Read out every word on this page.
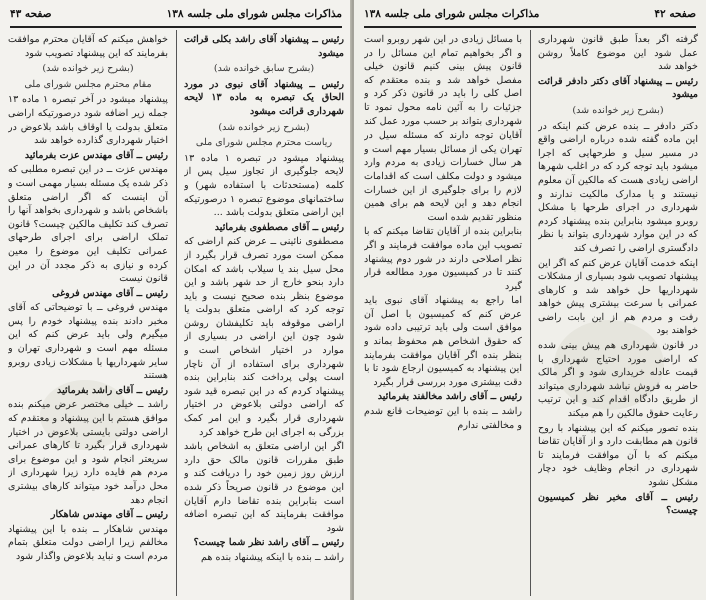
مذاکرات مجلس شورای ملی جلسه ۱۳۸
صفحه ۴۳

رئیس ــ پیشنهاد آقای راشد بکلی قرائت میشود

(بشرح سابق خوانده شد)

رئیس ــ پیشنهاد آقای نبوی در مورد الحاق یک تبصره به ماده ۱۳ لایحه شهرداری قرائت میشود

(بشرح زیر خوانده شد)

ریاست محترم مجلس شورای ملی

پیشنهاد میشود در تبصره ۱ ماده ۱۳ لایحه جلوگیری از تجاوز سیل پس از کلمه (مستحدثات با استفاده شهر) و ساختمانهای موضوع تبصره ۱ درصورتیکه این اراضی متعلق بدولت باشد ...

رئیس ــ آقای مصطفوی بفرمائید

مصطفوی نائینی ــ عرض کنم اراضی که ممکن است مورد تصرف قرار بگیرد از محل سیل بند یا سیلاب باشد که امکان دارد بنحو خارج از حد شهر باشد و این موضوع بنظر بنده صحیح نیست و باید توجه کرد که اراضی متعلق بدولت یا اراضی موقوفه باید تکلیفشان روشن شود چون این اراضی در بسیاری از موارد در اختیار اشخاص است و شهرداری برای استفاده از آن ناچار است پولی پرداخت کند بنابراین بنده پیشنهاد کردم که در این تبصره قید شود که اراضی دولتی بلاعوض در اختیار شهرداری قرار بگیرد و این امر کمک بزرگی به اجرای این طرح خواهد کرد

اگر این اراضی متعلق به اشخاص باشد طبق مقررات قانون مالک حق دارد ارزش روز زمین خود را دریافت کند و این موضوع در قانون صریحاً ذکر شده است بنابراین بنده تقاضا دارم آقایان موافقت بفرمایند که این تبصره اضافه شود

رئیس ــ آقای راشد نظر شما چیست؟

راشد ــ بنده با اینکه پیشنهاد بنده هم

خواهش میکنم که آقایان محترم موافقت بفرمایند که این پیشنهاد تصویب شود

(بشرح زیر خوانده شد)

مقام محترم مجلس شورای ملی

پیشنهاد میشود در آخر تبصره ۱ ماده ۱۳ جمله زیر اضافه شود درصورتیکه اراضی متعلق بدولت یا اوقاف باشد بلاعوض در اختیار شهرداری گذارده خواهد شد

رئیس ــ آقای مهندس عزت بفرمائید

مهندس عزت ــ در این تبصره مطلبی که ذکر شده یک مسئله بسیار مهمی است و آن اینست که اگر اراضی متعلق باشخاص باشد و شهرداری بخواهد آنها را تصرف کند تکلیف مالکین چیست؟ قانون تملک اراضی برای اجرای طرحهای عمرانی تکلیف این موضوع را معین کرده و نیازی به ذکر مجدد آن در این قانون نیست

رئیس ــ آقای مهندس فروغی

مهندس فروغی ــ با توضیحاتی که آقای مخبر دادند بنده پیشنهاد خودم را پس میگیرم ولی باید عرض کنم که این مسئله مهم است و شهرداری تهران و سایر شهرداریها با مشکلات زیادی روبرو هستند

رئیس ــ آقای راشد بفرمائید

راشد ــ خیلی مختصر عرض میکنم بنده موافق هستم با این پیشنهاد و معتقدم که اراضی دولتی بایستی بلاعوض در اختیار شهرداری قرار بگیرد تا کارهای عمرانی سریعتر انجام شود و این موضوع برای مردم هم فایده دارد زیرا شهرداری از محل درآمد خود میتواند کارهای بیشتری انجام دهد

رئیس ــ آقای مهندس شاهکار

مهندس شاهکار ــ بنده با این پیشنهاد مخالفم زیرا اراضی دولت متعلق بتمام مردم است و نباید بلاعوض واگذار شود

صفحه ۴۲
مذاکرات مجلس شورای ملی جلسه ۱۳۸

گرفته اگر بعداً طبق قانون شهرداری عمل شود این موضوع کاملاً روشن خواهد شد

رئیس ــ پیشنهاد آقای دکتر دادفر قرائت میشود

(بشرح زیر خوانده شد)

دکتر دادفر ــ بنده عرض کنم اینکه در این ماده گفته شده درباره اراضی واقع در مسیر سیل و طرحهایی که اجرا میشود باید توجه کرد که در اغلب شهرها اراضی زیادی هست که مالکین آن معلوم نیستند و یا مدارک مالکیت ندارند و شهرداری در اجرای طرحها با مشکل روبرو میشود بنابراین بنده پیشنهاد کردم که در این موارد شهرداری بتواند با نظر دادگستری اراضی را تصرف کند

اینکه خدمت آقایان عرض کنم که اگر این پیشنهاد تصویب شود بسیاری از مشکلات شهرداریها حل خواهد شد و کارهای عمرانی با سرعت بیشتری پیش خواهد رفت و مردم هم از این بابت راضی خواهند بود

در قانون شهرداری هم پیش بینی شده که اراضی مورد احتیاج شهرداری با قیمت عادله خریداری شود و اگر مالک حاضر به فروش نباشد شهرداری میتواند از طریق دادگاه اقدام کند و این ترتیب رعایت حقوق مالکین را هم میکند

بنده تصور میکنم که این پیشنهاد با روح قانون هم مطابقت دارد و از آقایان تقاضا میکنم که با آن موافقت فرمایند تا شهرداری در انجام وظایف خود دچار مشکل نشود

رئیس ــ آقای مخبر نظر کمیسیون چیست؟

با مسائل زیادی در این شهر روبرو است و اگر بخواهیم تمام این مسائل را در قانون پیش بینی کنیم قانون خیلی مفصل خواهد شد و بنده معتقدم که اصل کلی را باید در قانون ذکر کرد و جزئیات را به آئین نامه محول نمود تا شهرداری بتواند بر حسب مورد عمل کند

آقایان توجه دارند که مسئله سیل در تهران یکی از مسائل بسیار مهم است و هر سال خسارات زیادی به مردم وارد میشود و دولت مکلف است که اقدامات لازم را برای جلوگیری از این خسارات انجام دهد و این لایحه هم برای همین منظور تقدیم شده است

بنابراین بنده از آقایان تقاضا میکنم که با تصویب این ماده موافقت فرمایند و اگر نظر اصلاحی دارند در شور دوم پیشنهاد کنند تا در کمیسیون مورد مطالعه قرار گیرد

اما راجع به پیشنهاد آقای نبوی باید عرض کنم که کمیسیون با اصل آن موافق است ولی باید ترتیبی داده شود که حقوق اشخاص هم محفوظ بماند و بنظر بنده اگر آقایان موافقت بفرمایند این پیشنهاد به کمیسیون ارجاع شود تا با دقت بیشتری مورد بررسی قرار بگیرد

رئیس ــ آقای راشد مخالفند بفرمائید

راشد ــ بنده با این توضیحات قانع شدم و مخالفتی ندارم
